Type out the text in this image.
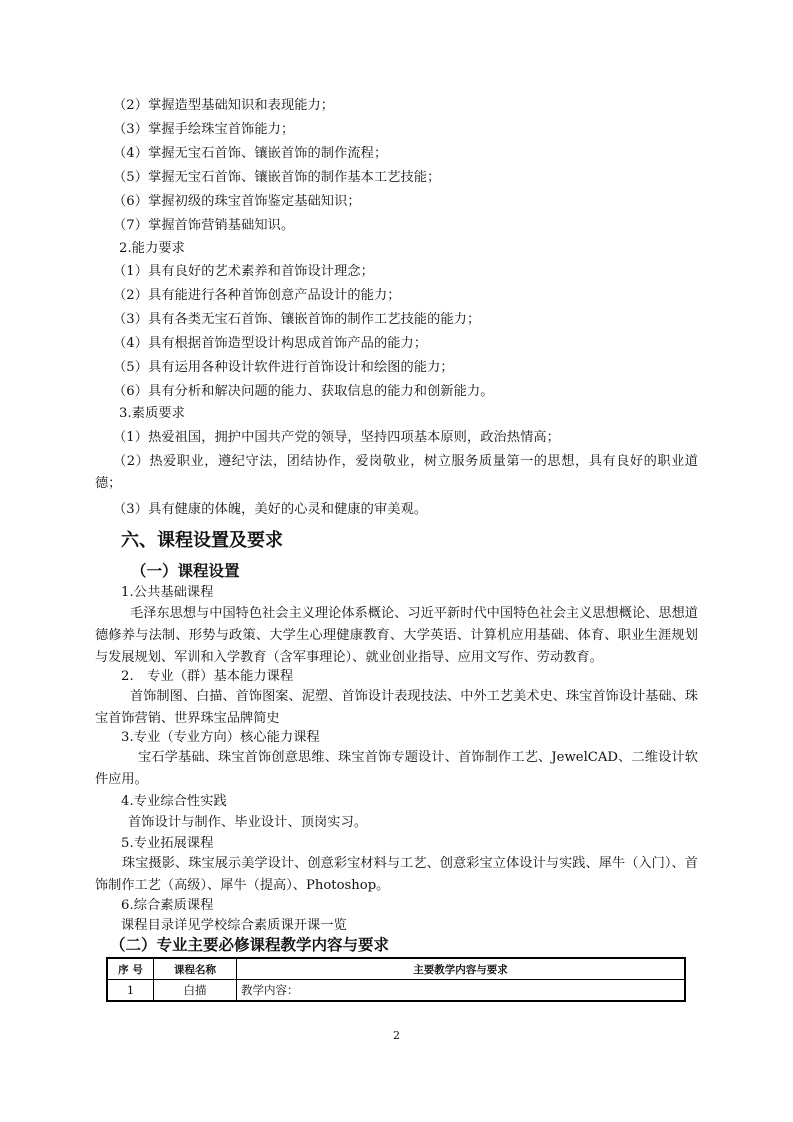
（2）掌握造型基础知识和表现能力；
（3）掌握手绘珠宝首饰能力；
（4）掌握无宝石首饰、镶嵌首饰的制作流程；
（5）掌握无宝石首饰、镶嵌首饰的制作基本工艺技能；
（6）掌握初级的珠宝首饰鉴定基础知识；
（7）掌握首饰营销基础知识。
2.能力要求
（1）具有良好的艺术素养和首饰设计理念；
（2）具有能进行各种首饰创意产品设计的能力；
（3）具有各类无宝石首饰、镶嵌首饰的制作工艺技能的能力；
（4）具有根据首饰造型设计构思成首饰产品的能力；
（5）具有运用各种设计软件进行首饰设计和绘图的能力；
（6）具有分析和解决问题的能力、获取信息的能力和创新能力。
3.素质要求
（1）热爱祖国，拥护中国共产党的领导，坚持四项基本原则，政治热情高；
（2）热爱职业，遵纪守法，团结协作，爱岗敬业，树立服务质量第一的思想，具有良好的职业道德；
（3）具有健康的体魄，美好的心灵和健康的审美观。
六、课程设置及要求
（一）课程设置
1.公共基础课程
毛泽东思想与中国特色社会主义理论体系概论、习近平新时代中国特色社会主义思想概论、思想道德修养与法制、形势与政策、大学生心理健康教育、大学英语、计算机应用基础、体育、职业生涯规划与发展规划、军训和入学教育（含军事理论）、就业创业指导、应用文写作、劳动教育。
2.　专业（群）基本能力课程
首饰制图、白描、首饰图案、泥塑、首饰设计表现技法、中外工艺美术史、珠宝首饰设计基础、珠宝首饰营销、世界珠宝品牌简史
3.专业（专业方向）核心能力课程
宝石学基础、珠宝首饰创意思维、珠宝首饰专题设计、首饰制作工艺、JewelCAD、二维设计软件应用。
4.专业综合性实践
首饰设计与制作、毕业设计、顶岗实习。
5.专业拓展课程
珠宝摄影、珠宝展示美学设计、创意彩宝材料与工艺、创意彩宝立体设计与实践、犀牛（入门）、首饰制作工艺（高级）、犀牛（提高）、Photoshop。
6.综合素质课程
课程目录详见学校综合素质课开课一览
（二）专业主要必修课程教学内容与要求
序 号	课程名称	主要教学内容与要求
1	白描	教学内容：
2
